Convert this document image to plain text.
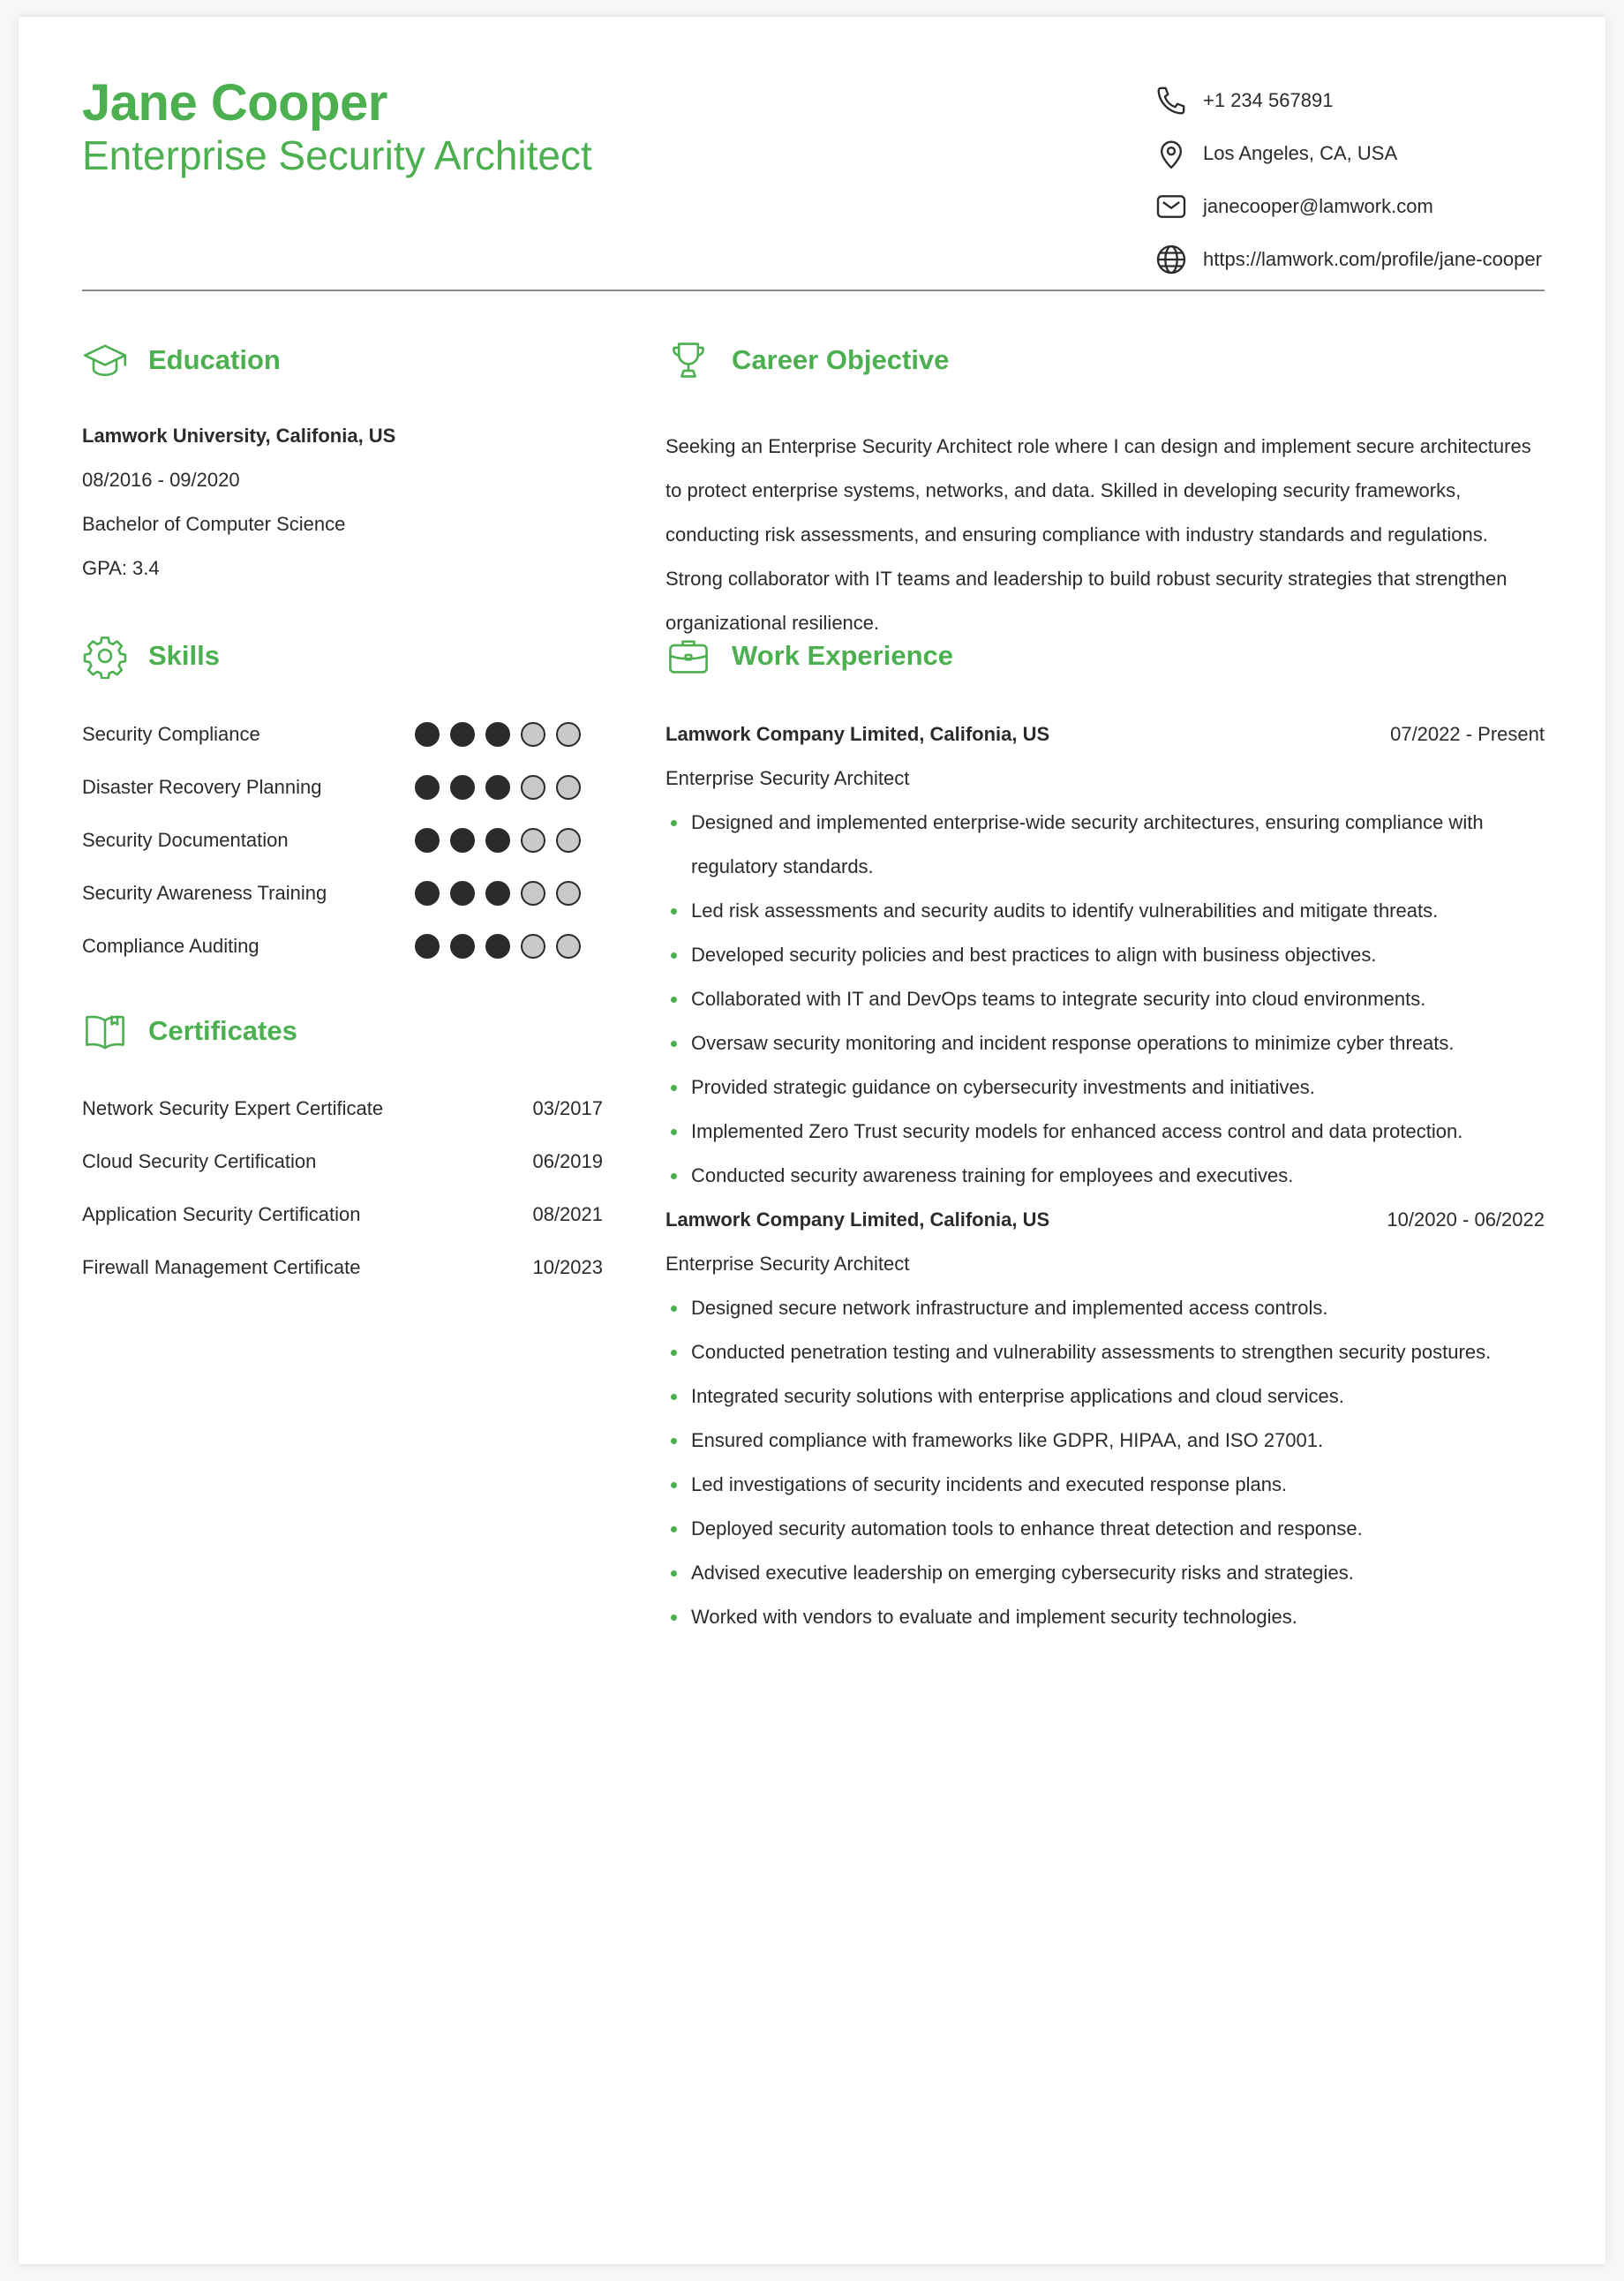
Jane Cooper
Enterprise Security Architect
+1 234 567891
Los Angeles, CA, USA
janecooper@lamwork.com
https://lamwork.com/profile/jane-cooper
Education
Lamwork University, Califonia, US
08/2016 - 09/2020
Bachelor of Computer Science
GPA: 3.4
Skills
Security Compliance
Disaster Recovery Planning
Security Documentation
Security Awareness Training
Compliance Auditing
Certificates
Network Security Expert Certificate	03/2017
Cloud Security Certification	06/2019
Application Security Certification	08/2021
Firewall Management Certificate	10/2023
Career Objective
Seeking an Enterprise Security Architect role where I can design and implement secure architectures to protect enterprise systems, networks, and data. Skilled in developing security frameworks, conducting risk assessments, and ensuring compliance with industry standards and regulations. Strong collaborator with IT teams and leadership to build robust security strategies that strengthen organizational resilience.
Work Experience
Lamwork Company Limited, Califonia, US	07/2022 - Present
Enterprise Security Architect
Designed and implemented enterprise-wide security architectures, ensuring compliance with regulatory standards.
Led risk assessments and security audits to identify vulnerabilities and mitigate threats.
Developed security policies and best practices to align with business objectives.
Collaborated with IT and DevOps teams to integrate security into cloud environments.
Oversaw security monitoring and incident response operations to minimize cyber threats.
Provided strategic guidance on cybersecurity investments and initiatives.
Implemented Zero Trust security models for enhanced access control and data protection.
Conducted security awareness training for employees and executives.
Lamwork Company Limited, Califonia, US	10/2020 - 06/2022
Enterprise Security Architect
Designed secure network infrastructure and implemented access controls.
Conducted penetration testing and vulnerability assessments to strengthen security postures.
Integrated security solutions with enterprise applications and cloud services.
Ensured compliance with frameworks like GDPR, HIPAA, and ISO 27001.
Led investigations of security incidents and executed response plans.
Deployed security automation tools to enhance threat detection and response.
Advised executive leadership on emerging cybersecurity risks and strategies.
Worked with vendors to evaluate and implement security technologies.
